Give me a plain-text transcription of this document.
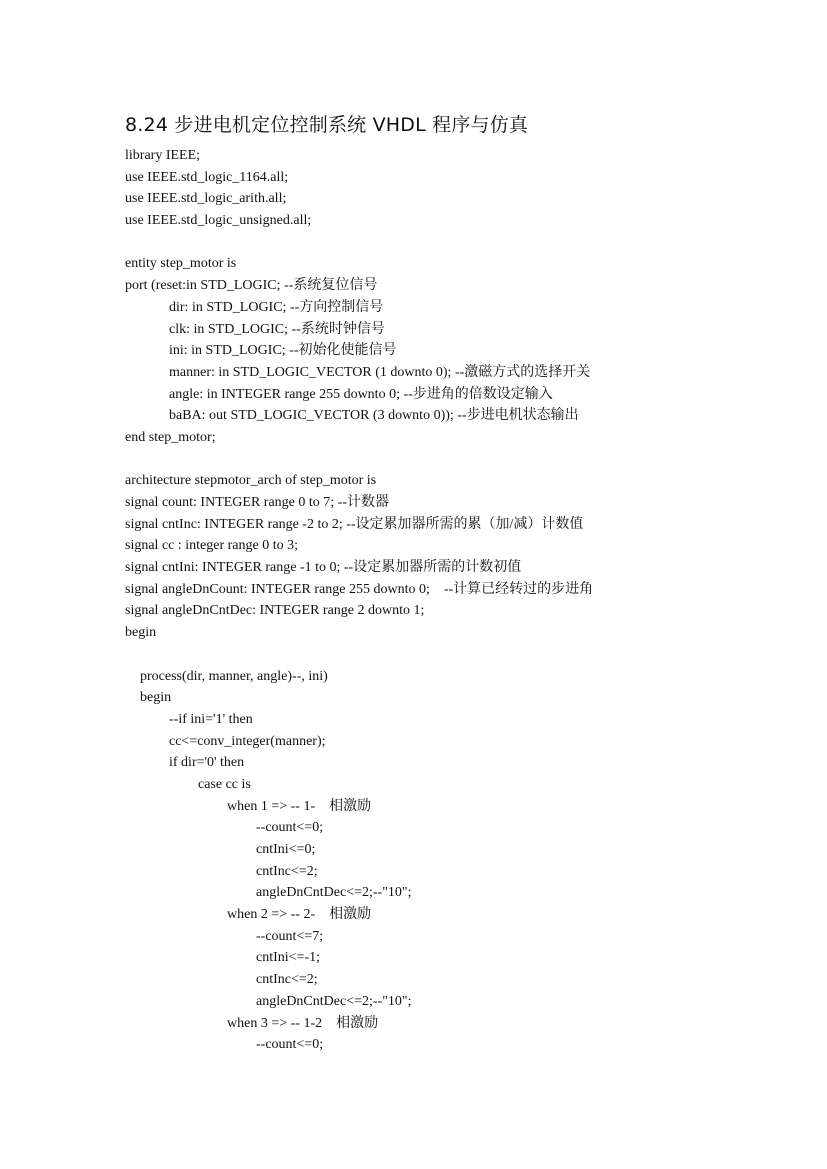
8.24 步进电机定位控制系统 VHDL 程序与仿真
library IEEE;
use IEEE.std_logic_1164.all;
use IEEE.std_logic_arith.all;
use IEEE.std_logic_unsigned.all;
entity step_motor is
port (reset:in STD_LOGIC; --系统复位信号
dir: in STD_LOGIC; --方向控制信号
clk: in STD_LOGIC; --系统时钟信号
ini: in STD_LOGIC; --初始化使能信号
manner: in STD_LOGIC_VECTOR (1 downto 0); --激磁方式的选择开关
angle: in INTEGER range 255 downto 0; --步进角的倍数设定输入
baBA: out STD_LOGIC_VECTOR (3 downto 0)); --步进电机状态输出
end step_motor;
architecture stepmotor_arch of step_motor is
signal count: INTEGER range 0 to 7; --计数器
signal cntInc: INTEGER range -2 to 2; --设定累加器所需的累（加/减）计数值
signal cc : integer range 0 to 3;
signal cntIni: INTEGER range -1 to 0; --设定累加器所需的计数初值
signal angleDnCount: INTEGER range 255 downto 0;    --计算已经转过的步进角
signal angleDnCntDec: INTEGER range 2 downto 1;
begin
process(dir, manner, angle)--, ini)
begin
--if ini='1' then
cc<=conv_integer(manner);
if dir='0' then
case cc is
when 1 => -- 1-    相激励
--count<=0;
cntIni<=0;
cntInc<=2;
angleDnCntDec<=2;--"10";
when 2 => -- 2-    相激励
--count<=7;
cntIni<=-1;
cntInc<=2;
angleDnCntDec<=2;--"10";
when 3 => -- 1-2    相激励
--count<=0;
